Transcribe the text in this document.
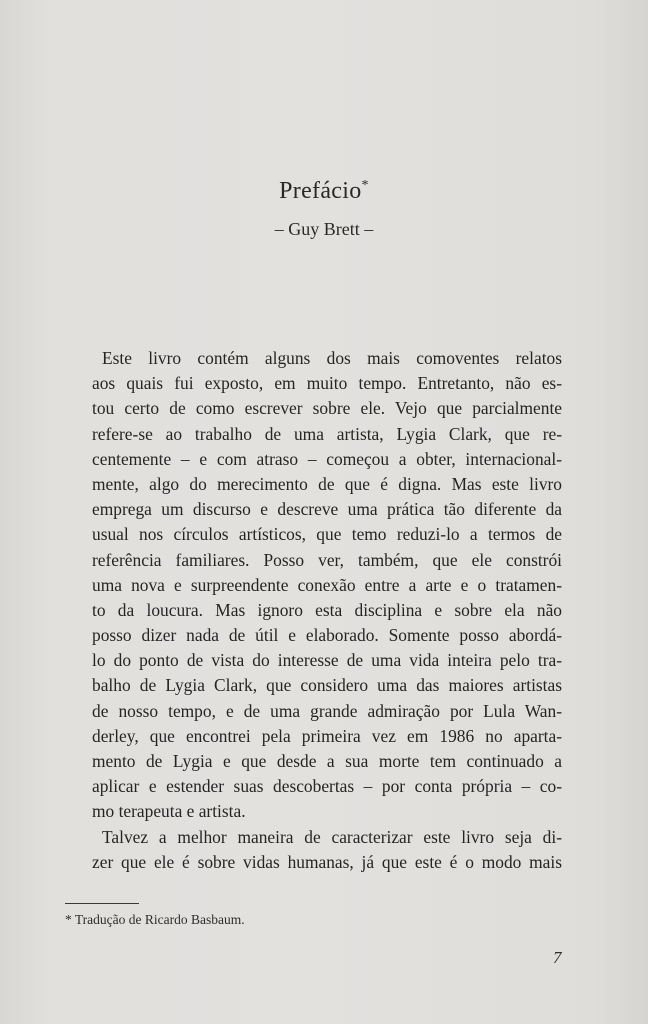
Prefácio*
– Guy Brett –
Este livro contém alguns dos mais comoventes relatos
aos quais fui exposto, em muito tempo. Entretanto, não es-
tou certo de como escrever sobre ele. Vejo que parcialmente
refere-se ao trabalho de uma artista, Lygia Clark, que re-
centemente – e com atraso – começou a obter, internacional-
mente, algo do merecimento de que é digna. Mas este livro
emprega um discurso e descreve uma prática tão diferente da
usual nos círculos artísticos, que temo reduzi-lo a termos de
referência familiares. Posso ver, também, que ele constrói
uma nova e surpreendente conexão entre a arte e o tratamen-
to da loucura. Mas ignoro esta disciplina e sobre ela não
posso dizer nada de útil e elaborado. Somente posso abordá-
lo do ponto de vista do interesse de uma vida inteira pelo tra-
balho de Lygia Clark, que considero uma das maiores artistas
de nosso tempo, e de uma grande admiração por Lula Wan-
derley, que encontrei pela primeira vez em 1986 no aparta-
mento de Lygia e que desde a sua morte tem continuado a
aplicar e estender suas descobertas – por conta própria – co-
mo terapeuta e artista.
Talvez a melhor maneira de caracterizar este livro seja di-
zer que ele é sobre vidas humanas, já que este é o modo mais
* Tradução de Ricardo Basbaum.
7
